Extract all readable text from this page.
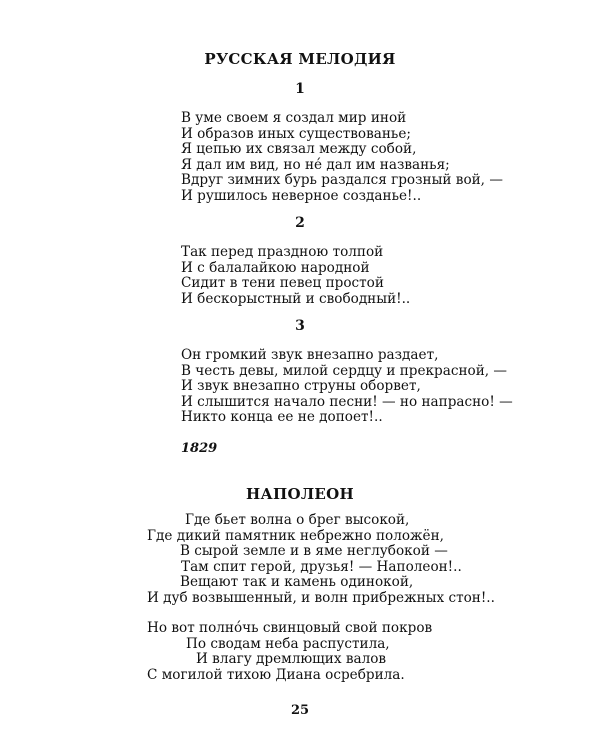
РУССКАЯ МЕЛОДИЯ
1
В уме своем я создал мир иной
И образов иных существованье;
Я цепью их связал между собой,
Я дал им вид, но нé дал им названья;
Вдруг зимних бурь раздался грозный вой, —
И рушилось неверное созданье!..
2
Так перед праздною толпой
И с балалайкою народной
Сидит в тени певец простой
И бескорыстный и свободный!..
3
Он громкий звук внезапно раздает,
В честь девы, милой сердцу и прекрасной, —
И звук внезапно струны оборвет,
И слышится начало песни! — но напрасно! —
Никто конца ее не допоет!..
1829
НАПОЛЕОН
Где бьет волна о брег высокой,
Где дикий памятник небрежно положён,
В сырой земле и в яме неглубокой —
Там спит герой, друзья! — Наполеон!..
Вещают так и камень одинокой,
И дуб возвышенный, и волн прибрежных стон!..
Но вот полнóчь свинцовый свой покров
По сводам неба распустила,
И влагу дремлющих валов
С могилой тихою Диана осребрила.
25
